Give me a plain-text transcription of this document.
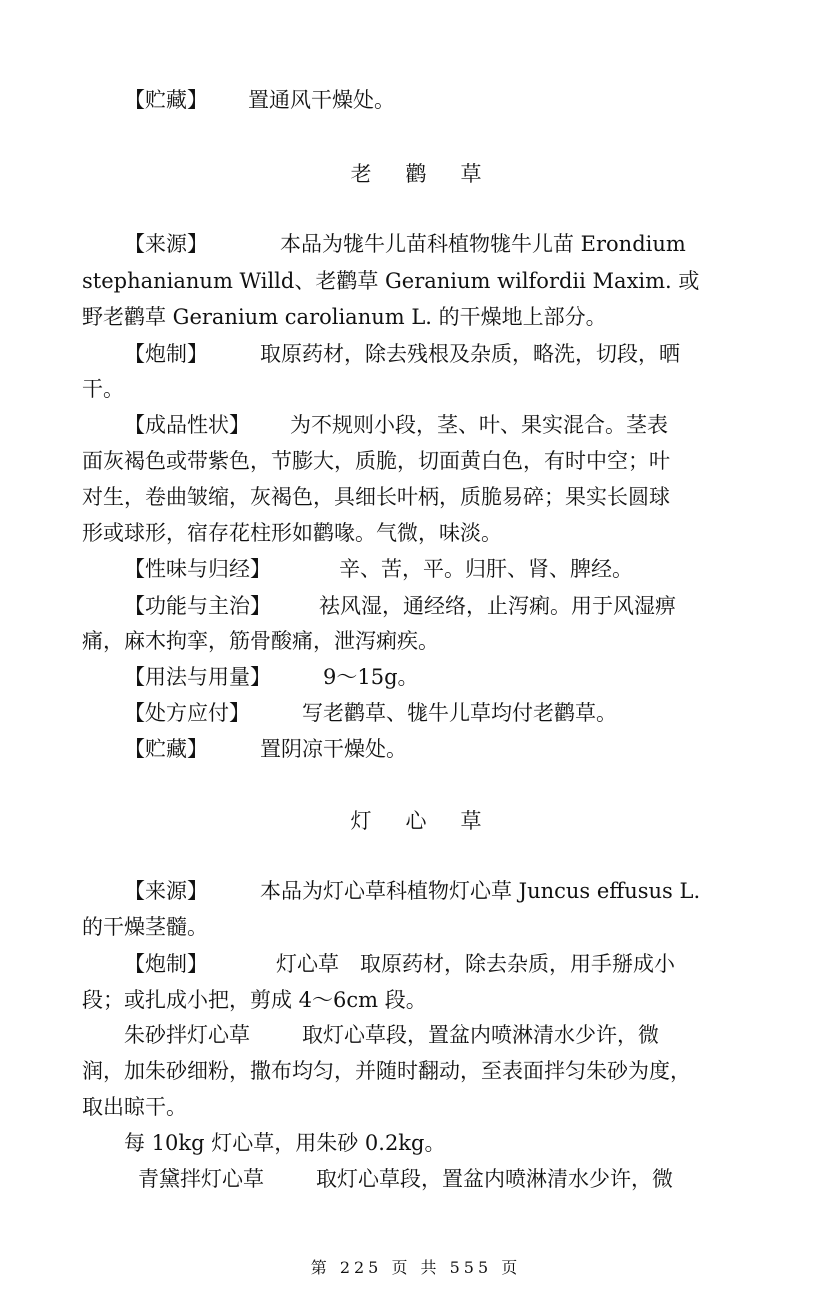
【贮藏】 置通风干燥处。
老鹳草
【来源】	本品为牻牛儿苗科植物牻牛儿苗 Erondium
stephanianum Willd、老鹳草 Geranium wilfordii Maxim. 或
野老鹳草 Geranium carolianum L. 的干燥地上部分。
【炮制】 取原药材，除去残根及杂质，略洗，切段，晒
干。
【成品性状】 为不规则小段，茎、叶、果实混合。茎表
面灰褐色或带紫色，节膨大，质脆，切面黄白色，有时中空；叶
对生，卷曲皱缩，灰褐色，具细长叶柄，质脆易碎；果实长圆球
形或球形，宿存花柱形如鹳喙。气微，味淡。
【性味与归经】	辛、苦，平。归肝、肾、脾经。
【功能与主治】 祛风湿，通经络，止泻痢。用于风湿痹
痛，麻木拘挛，筋骨酸痛，泄泻痢疾。
【用法与用量】 9～15g。
【处方应付】 写老鹳草、牻牛儿草均付老鹳草。
【贮藏】 置阴凉干燥处。
灯心草
【来源】 本品为灯心草科植物灯心草 Juncus effusus L.
的干燥茎髓。
【炮制】	灯心草　取原药材，除去杂质，用手掰成小
段；或扎成小把，剪成 4～6cm 段。
朱砂拌灯心草 取灯心草段，置盆内喷淋清水少许，微
润，加朱砂细粉，撒布均匀，并随时翻动，至表面拌匀朱砂为度，
取出晾干。
每 10kg 灯心草，用朱砂 0.2kg。
青黛拌灯心草 取灯心草段，置盆内喷淋清水少许，微
第 225 页 共 555 页
